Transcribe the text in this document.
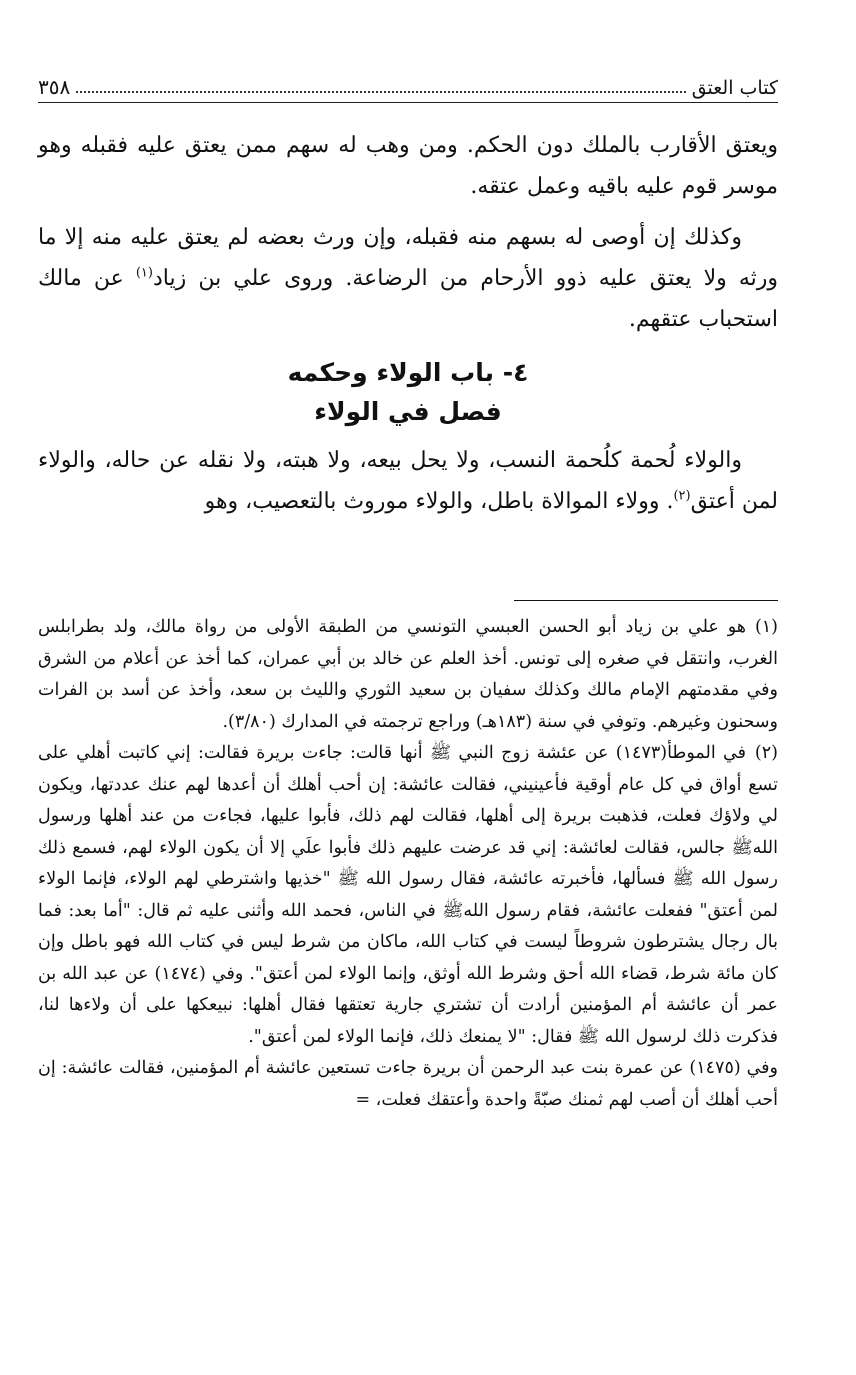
كتاب العتق
٣٥٨

ويعتق الأقارب بالملك دون الحكم. ومن وهب له سهم ممن يعتق عليه فقبله وهو موسر قوم عليه باقيه وعمل عتقه.

وكذلك إن أوصى له بسهم منه فقبله، وإن ورث بعضه لم يعتق عليه منه إلا ما ورثه ولا يعتق عليه ذوو الأرحام من الرضاعة. وروى علي بن زياد$^{(١)}$ عن مالك استحباب عتقهم.

٤- باب الولاء وحكمه
فصل في الولاء

والولاء لُحمة كلُحمة النسب، ولا يحل بيعه، ولا هبته، ولا نقله عن حاله، والولاء لمن أعتق$^{(٢)}$. وولاء الموالاة باطل، والولاء موروث بالتعصيب، وهو

(١)هو علي بن زياد أبو الحسن العبسي التونسي من الطبقة الأولى من رواة مالك، ولد بطرابلس الغرب، وانتقل في صغره إلى تونس. أخذ العلم عن خالد بن أبي عمران، كما أخذ عن أعلام من الشرق وفي مقدمتهم الإمام مالك وكذلك سفيان بن سعيد الثوري والليث بن سعد، وأخذ عن أسد بن الفرات وسحنون وغيرهم. وتوفي في سنة (١٨٣هـ) وراجع ترجمته في المدارك (٣/٨٠).

(٢)في الموطأ(١٤٧٣) عن عئشة زوج النبي ﷺ أنها قالت: جاءت بريرة فقالت: إني كاتبت أهلي على تسع أواق في كل عام أوقية فأعينيني، فقالت عائشة: إن أحب أهلك أن أعدها لهم عنك عددتها، ويكون لي ولاؤك فعلت، فذهبت بريرة إلى أهلها، فقالت لهم ذلك، فأبوا عليها، فجاءت من عند أهلها ورسول اللهﷺ جالس، فقالت لعائشة: إني قد عرضت عليهم ذلك فأبوا علَي إلا أن يكون الولاء لهم، فسمع ذلك رسول الله ﷺ فسألها، فأخبرته عائشة، فقال رسول الله ﷺ "خذيها واشترطي لهم الولاء، فإنما الولاء لمن أعتق" ففعلت عائشة، فقام رسول اللهﷺ في الناس، فحمد الله وأثنى عليه ثم قال: "أما بعد: فما بال رجال يشترطون شروطاً ليست في كتاب الله، ماكان من شرط ليس في كتاب الله فهو باطل وإن كان مائة شرط، قضاء الله أحق وشرط الله أوثق، وإنما الولاء لمن أعتق". وفي (١٤٧٤) عن عبد الله بن عمر أن عائشة أم المؤمنين أرادت أن تشتري جارية تعتقها فقال أهلها: نبيعكها على أن ولاءها لنا، فذكرت ذلك لرسول الله ﷺ فقال: "لا يمنعك ذلك، فإنما الولاء لمن أعتق".

وفي (١٤٧٥) عن عمرة بنت عبد الرحمن أن بريرة جاءت تستعين عائشة أم المؤمنين، فقالت عائشة: إن أحب أهلك أن أصب لهم ثمنك صبّةً واحدة وأعتقك فعلت، =
